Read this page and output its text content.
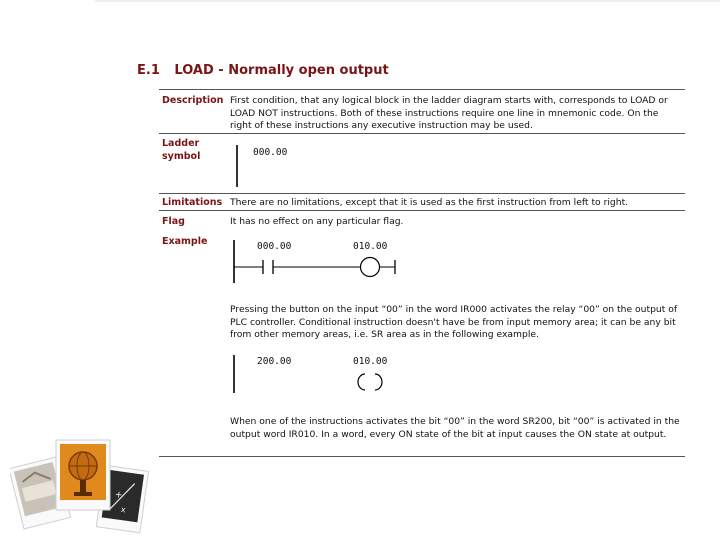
E.1 LOAD - Normally open output
Description First condition, that any logical block in the ladder diagram starts with, corresponds to LOAD or LOAD NOT instructions. Both of these instructions require one line in mnemonic code. On the right of these instructions any executive instruction may be used.
Ladder
symbol	000.00
Limitations There are no limitations, except that it is used as the first instruction from left to right.
Flag	It has no effect on any particular flag.
Example	000.00	010.00
Pressing the button on the input “00” in the word IR000 activates the relay “00” on the output of PLC controller. Conditional instruction doesn't have be from input memory area; it can be any bit from other memory areas, i.e. SR area as in the following example.
200.00	010.00
When one of the instructions activates the bit “00” in the word SR200, bit “00” is activated in the output word IR010. In a word, every ON state of the bit at input causes the ON state at output.
+
x
